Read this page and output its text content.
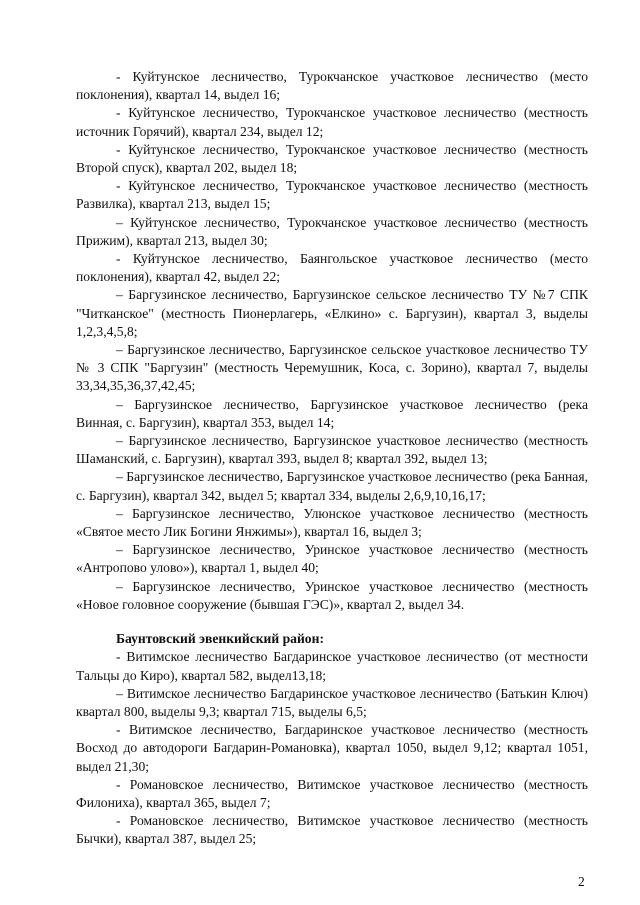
- Куйтунское лесничество, Турокчанское участковое лесничество (место поклонения), квартал 14, выдел 16;

- Куйтунское лесничество, Турокчанское участковое лесничество (местность источник Горячий), квартал 234, выдел 12;

- Куйтунское лесничество, Турокчанское участковое лесничество (местность Второй спуск), квартал 202, выдел 18;

- Куйтунское лесничество, Турокчанское участковое лесничество (местность Развилка), квартал 213, выдел 15;

– Куйтунское лесничество, Турокчанское участковое лесничество (местность Прижим), квартал 213, выдел 30;

- Куйтунское лесничество, Баянгольское участковое лесничество (место поклонения), квартал 42, выдел 22;

– Баргузинское лесничество, Баргузинское сельское лесничество ТУ №7 СПК "Читканское" (местность Пионерлагерь, «Елкино» с. Баргузин), квартал 3, выделы 1,2,3,4,5,8;

– Баргузинское лесничество, Баргузинское сельское участковое лесничество ТУ № 3 СПК "Баргузин" (местность Черемушник, Коса, с. Зорино), квартал 7, выделы 33,34,35,36,37,42,45;

– Баргузинское лесничество, Баргузинское участковое лесничество (река Винная, с. Баргузин), квартал 353, выдел 14;

– Баргузинское лесничество, Баргузинское участковое лесничество (местность Шаманский, с. Баргузин), квартал 393, выдел 8; квартал 392, выдел 13;

– Баргузинское лесничество, Баргузинское участковое лесничество (река Банная, с. Баргузин), квартал 342, выдел 5; квартал 334, выделы 2,6,9,10,16,17;

– Баргузинское лесничество, Улюнское участковое лесничество (местность «Святое место Лик Богини Янжимы»), квартал 16, выдел 3;

– Баргузинское лесничество, Уринское участковое лесничество (местность «Антропово улово»), квартал 1, выдел 40;

– Баргузинское лесничество, Уринское участковое лесничество (местность «Новое головное сооружение (бывшая ГЭС)», квартал 2, выдел 34.

Баунтовский эвенкийский район:

- Витимское лесничество Багдаринское участковое лесничество (от местности Тальцы до Киро), квартал 582, выдел13,18;

– Витимское лесничество Багдаринское участковое лесничество (Батькин Ключ) квартал 800, выделы 9,3; квартал 715, выделы 6,5;

- Витимское лесничество, Багдаринское участковое лесничество (местность Восход до автодороги Багдарин-Романовка), квартал 1050, выдел 9,12; квартал 1051, выдел 21,30;

- Романовское лесничество, Витимское участковое лесничество (местность Филониха), квартал 365, выдел 7;

- Романовское лесничество, Витимское участковое лесничество (местность Бычки), квартал 387, выдел 25;

2
